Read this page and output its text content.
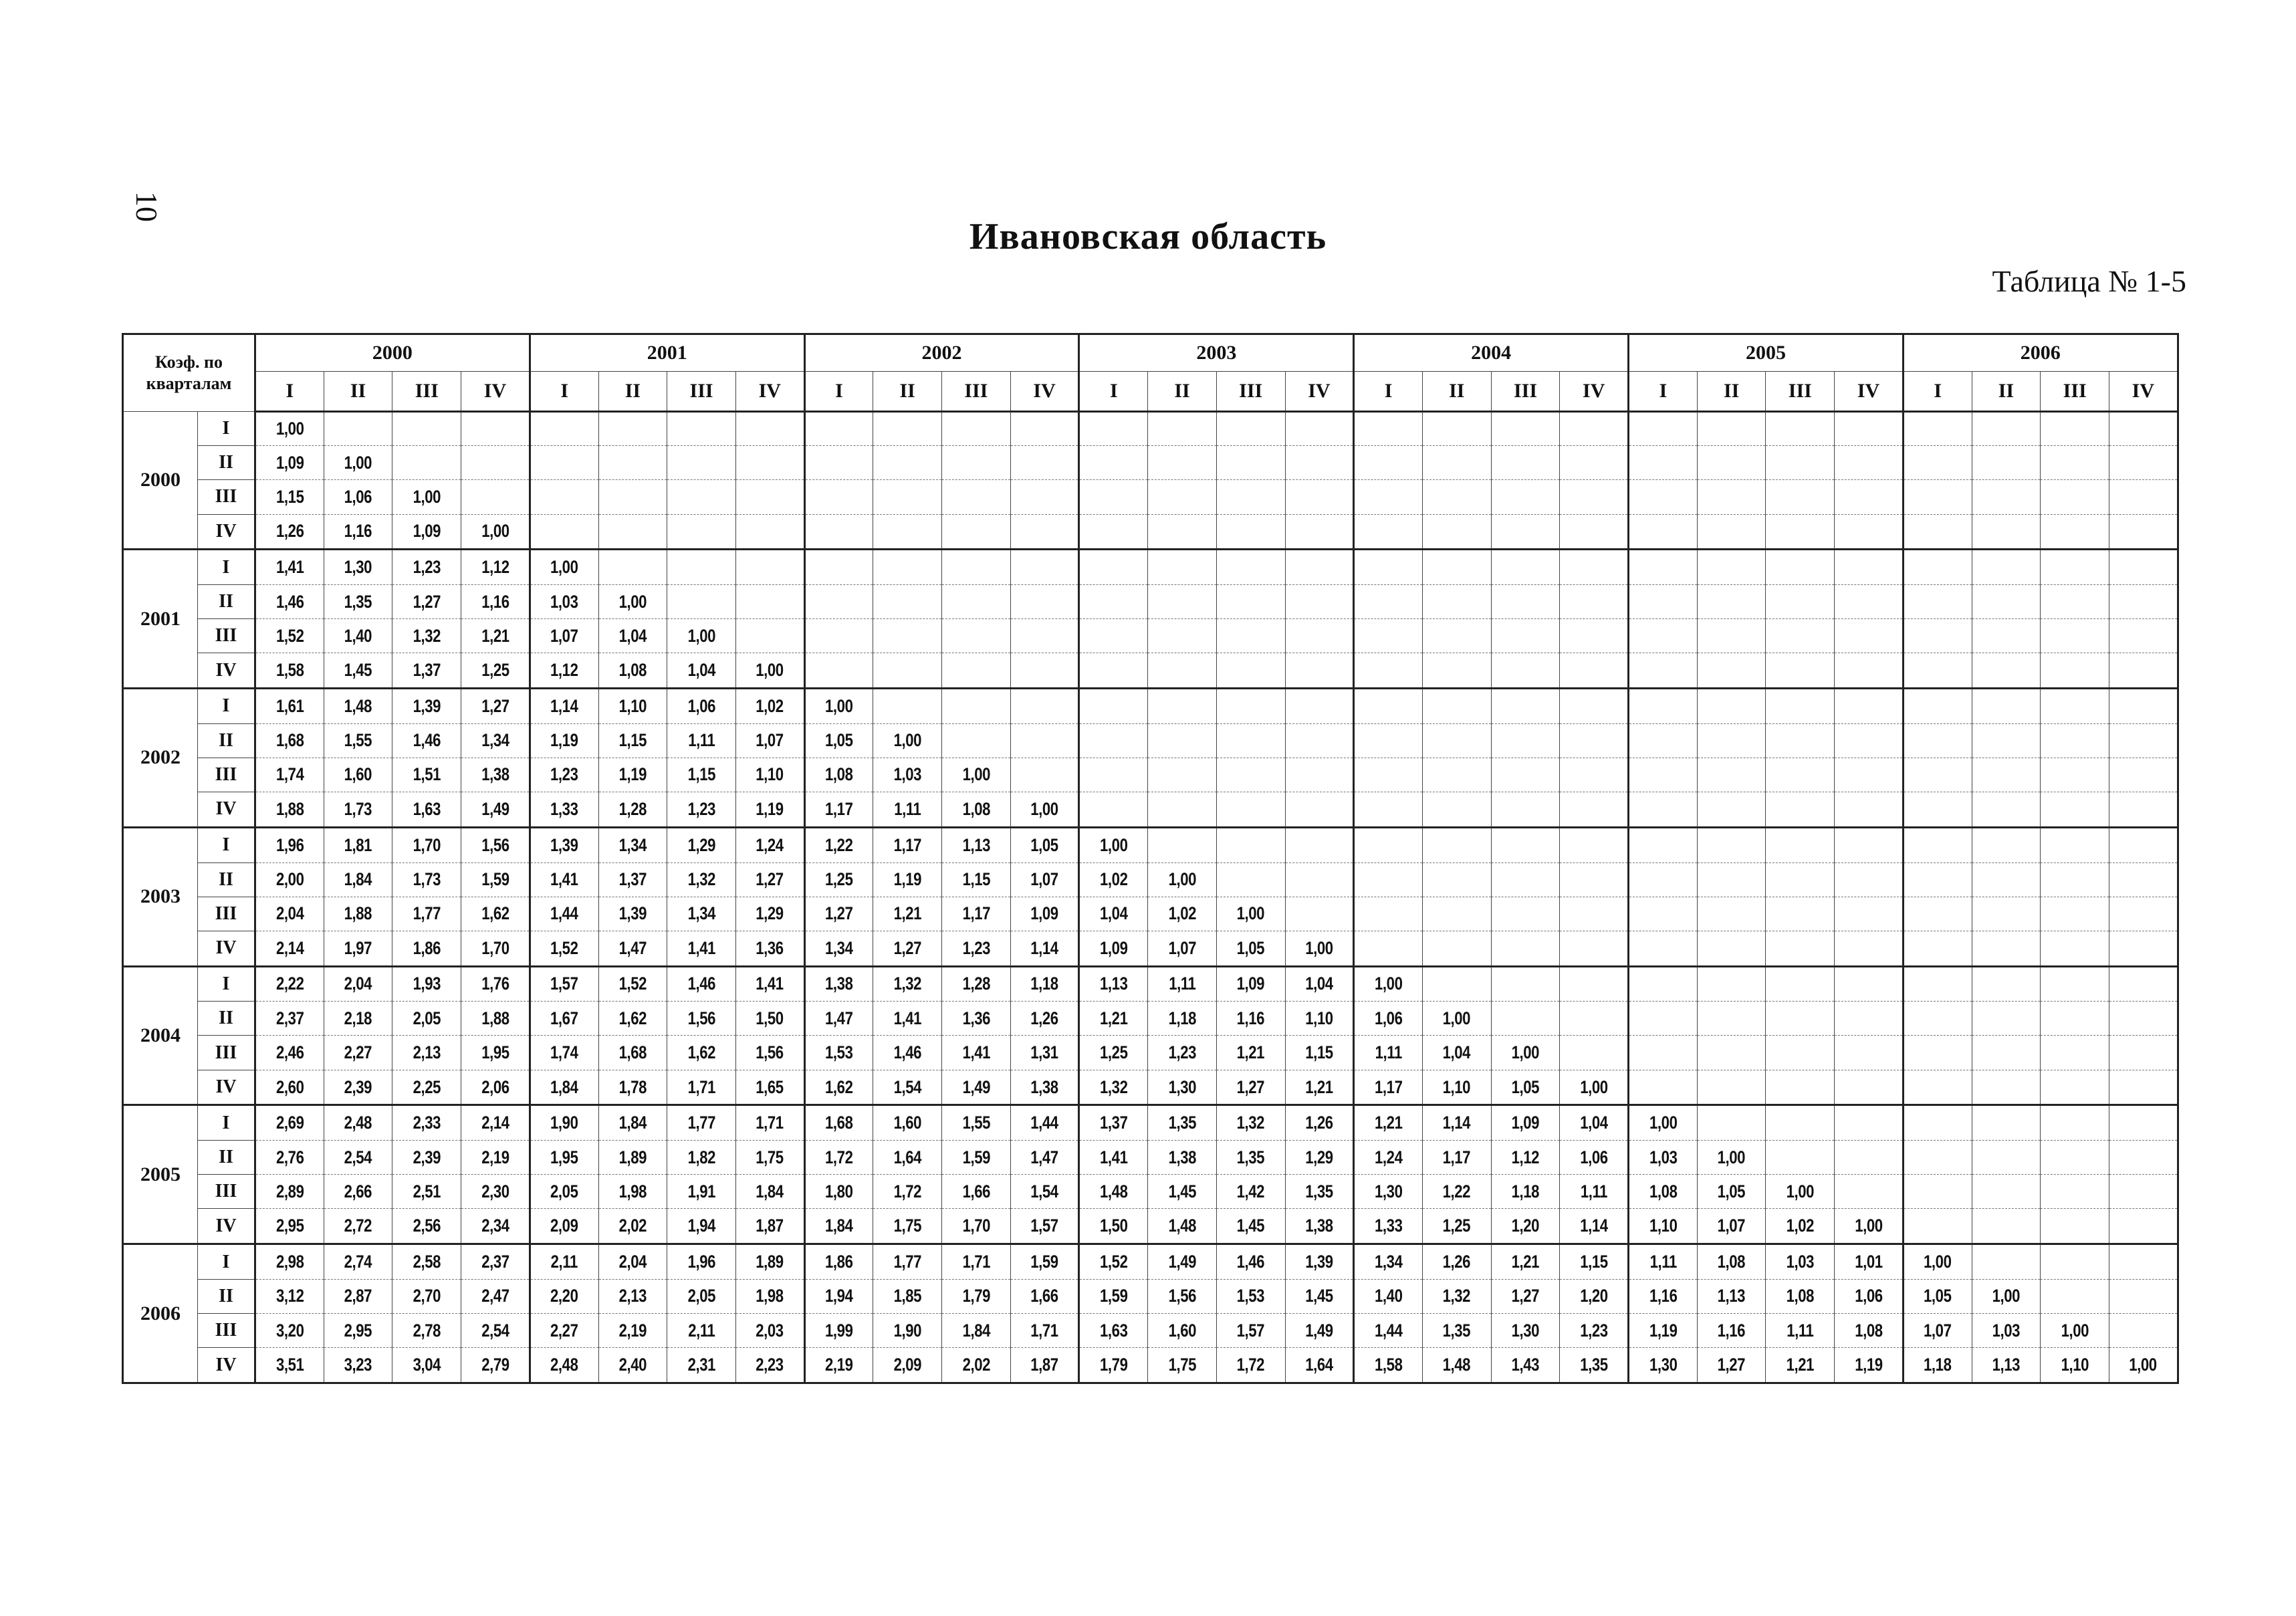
10
Ивановская область
Таблица № 1-5
Коэф. по кварталам		2000				2001				2002				2003				2004				2005				2006			
		I	II	III	IV	I	II	III	IV	I	II	III	IV	I	II	III	IV	I	II	III	IV	I	II	III	IV	I	II	III	IV
2000	I	1,00																											
	II	1,09	1,00																										
	III	1,15	1,06	1,00																									
	IV	1,26	1,16	1,09	1,00																								
2001	I	1,41	1,30	1,23	1,12	1,00																							
	II	1,46	1,35	1,27	1,16	1,03	1,00																						
	III	1,52	1,40	1,32	1,21	1,07	1,04	1,00																					
	IV	1,58	1,45	1,37	1,25	1,12	1,08	1,04	1,00																				
2002	I	1,61	1,48	1,39	1,27	1,14	1,10	1,06	1,02	1,00																			
	II	1,68	1,55	1,46	1,34	1,19	1,15	1,11	1,07	1,05	1,00																		
	III	1,74	1,60	1,51	1,38	1,23	1,19	1,15	1,10	1,08	1,03	1,00																	
	IV	1,88	1,73	1,63	1,49	1,33	1,28	1,23	1,19	1,17	1,11	1,08	1,00																
2003	I	1,96	1,81	1,70	1,56	1,39	1,34	1,29	1,24	1,22	1,17	1,13	1,05	1,00															
	II	2,00	1,84	1,73	1,59	1,41	1,37	1,32	1,27	1,25	1,19	1,15	1,07	1,02	1,00														
	III	2,04	1,88	1,77	1,62	1,44	1,39	1,34	1,29	1,27	1,21	1,17	1,09	1,04	1,02	1,00													
	IV	2,14	1,97	1,86	1,70	1,52	1,47	1,41	1,36	1,34	1,27	1,23	1,14	1,09	1,07	1,05	1,00												
2004	I	2,22	2,04	1,93	1,76	1,57	1,52	1,46	1,41	1,38	1,32	1,28	1,18	1,13	1,11	1,09	1,04	1,00											
	II	2,37	2,18	2,05	1,88	1,67	1,62	1,56	1,50	1,47	1,41	1,36	1,26	1,21	1,18	1,16	1,10	1,06	1,00										
	III	2,46	2,27	2,13	1,95	1,74	1,68	1,62	1,56	1,53	1,46	1,41	1,31	1,25	1,23	1,21	1,15	1,11	1,04	1,00									
	IV	2,60	2,39	2,25	2,06	1,84	1,78	1,71	1,65	1,62	1,54	1,49	1,38	1,32	1,30	1,27	1,21	1,17	1,10	1,05	1,00								
2005	I	2,69	2,48	2,33	2,14	1,90	1,84	1,77	1,71	1,68	1,60	1,55	1,44	1,37	1,35	1,32	1,26	1,21	1,14	1,09	1,04	1,00							
	II	2,76	2,54	2,39	2,19	1,95	1,89	1,82	1,75	1,72	1,64	1,59	1,47	1,41	1,38	1,35	1,29	1,24	1,17	1,12	1,06	1,03	1,00						
	III	2,89	2,66	2,51	2,30	2,05	1,98	1,91	1,84	1,80	1,72	1,66	1,54	1,48	1,45	1,42	1,35	1,30	1,22	1,18	1,11	1,08	1,05	1,00					
	IV	2,95	2,72	2,56	2,34	2,09	2,02	1,94	1,87	1,84	1,75	1,70	1,57	1,50	1,48	1,45	1,38	1,33	1,25	1,20	1,14	1,10	1,07	1,02	1,00				
2006	I	2,98	2,74	2,58	2,37	2,11	2,04	1,96	1,89	1,86	1,77	1,71	1,59	1,52	1,49	1,46	1,39	1,34	1,26	1,21	1,15	1,11	1,08	1,03	1,01	1,00			
	II	3,12	2,87	2,70	2,47	2,20	2,13	2,05	1,98	1,94	1,85	1,79	1,66	1,59	1,56	1,53	1,45	1,40	1,32	1,27	1,20	1,16	1,13	1,08	1,06	1,05	1,00		
	III	3,20	2,95	2,78	2,54	2,27	2,19	2,11	2,03	1,99	1,90	1,84	1,71	1,63	1,60	1,57	1,49	1,44	1,35	1,30	1,23	1,19	1,16	1,11	1,08	1,07	1,03	1,00	
	IV	3,51	3,23	3,04	2,79	2,48	2,40	2,31	2,23	2,19	2,09	2,02	1,87	1,79	1,75	1,72	1,64	1,58	1,48	1,43	1,35	1,30	1,27	1,21	1,19	1,18	1,13	1,10	1,00
